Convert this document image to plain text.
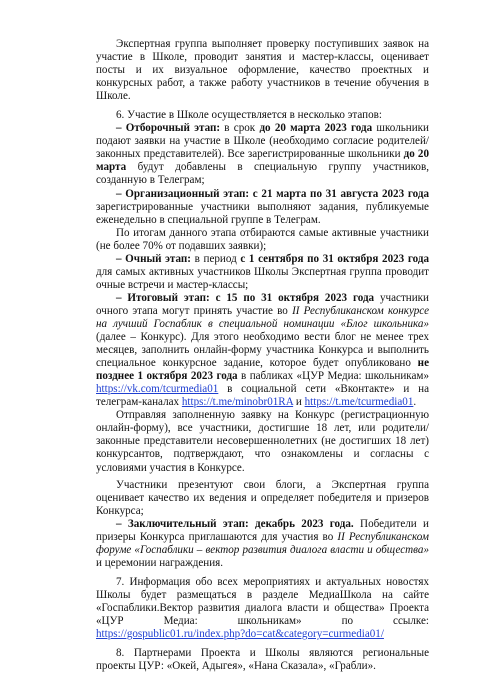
Экспертная группа выполняет проверку поступивших заявок на участие в Школе, проводит занятия и мастер-классы, оценивает посты и их визуальное оформление, качество проектных и конкурсных работ, а также работу участников в течение обучения в Школе.

6. Участие в Школе осуществляется в несколько этапов:

– Отборочный этап: в срок до 20 марта 2023 года школьники подают заявки на участие в Школе (необходимо согласие родителей/законных представителей). Все зарегистрированные школьники до 20 марта будут добавлены в специальную группу участников, созданную в Телеграм;

– Организационный этап: с 21 марта по 31 августа 2023 года зарегистрированные участники выполняют задания, публикуемые еженедельно в специальной группе в Телеграм.

По итогам данного этапа отбираются самые активные участники (не более 70% от подавших заявки);

– Очный этап: в период с 1 сентября по 31 октября 2023 года для самых активных участников Школы Экспертная группа проводит очные встречи и мастер-классы;

– Итоговый этап: с 15 по 31 октября 2023 года участники очного этапа могут принять участие во II Республиканском конкурсе на лучший Госпаблик в специальной номинации «Блог школьника» (далее – Конкурс). Для этого необходимо вести блог не менее трех месяцев, заполнить онлайн-форму участника Конкурса и выполнить специальное конкурсное задание, которое будет опубликовано не позднее 1 октября 2023 года в пабликах «ЦУР Медиа: школьникам» https://vk.com/tcurmedia01 в социальной сети «Вконтакте» и на телеграм-каналах https://t.me/minobr01RA и https://t.me/tcurmedia01.

Отправляя заполненную заявку на Конкурс (регистрационную онлайн-форму), все участники, достигшие 18 лет, или родители/законные представители несовершеннолетних (не достигших 18 лет) конкурсантов, подтверждают, что ознакомлены и согласны с условиями участия в Конкурсе.

Участники презентуют свои блоги, а Экспертная группа оценивает качество их ведения и определяет победителя и призеров Конкурса;

– Заключительный этап: декабрь 2023 года. Победители и призеры Конкурса приглашаются для участия во II Республиканском форуме «Госпаблики – вектор развития диалога власти и общества» и церемонии награждения.

7. Информация обо всех мероприятиях и актуальных новостях Школы будет размещаться в разделе МедиаШкола на сайте «Госпаблики.Вектор развития диалога власти и общества» Проекта «ЦУР Медиа: школьникам» по ссылке: https://gospublic01.ru/index.php?do=cat&category=curmedia01/

8. Партнерами Проекта и Школы являются региональные проекты ЦУР: «Окей, Адыгея», «Нана Сказала», «Грабли».
